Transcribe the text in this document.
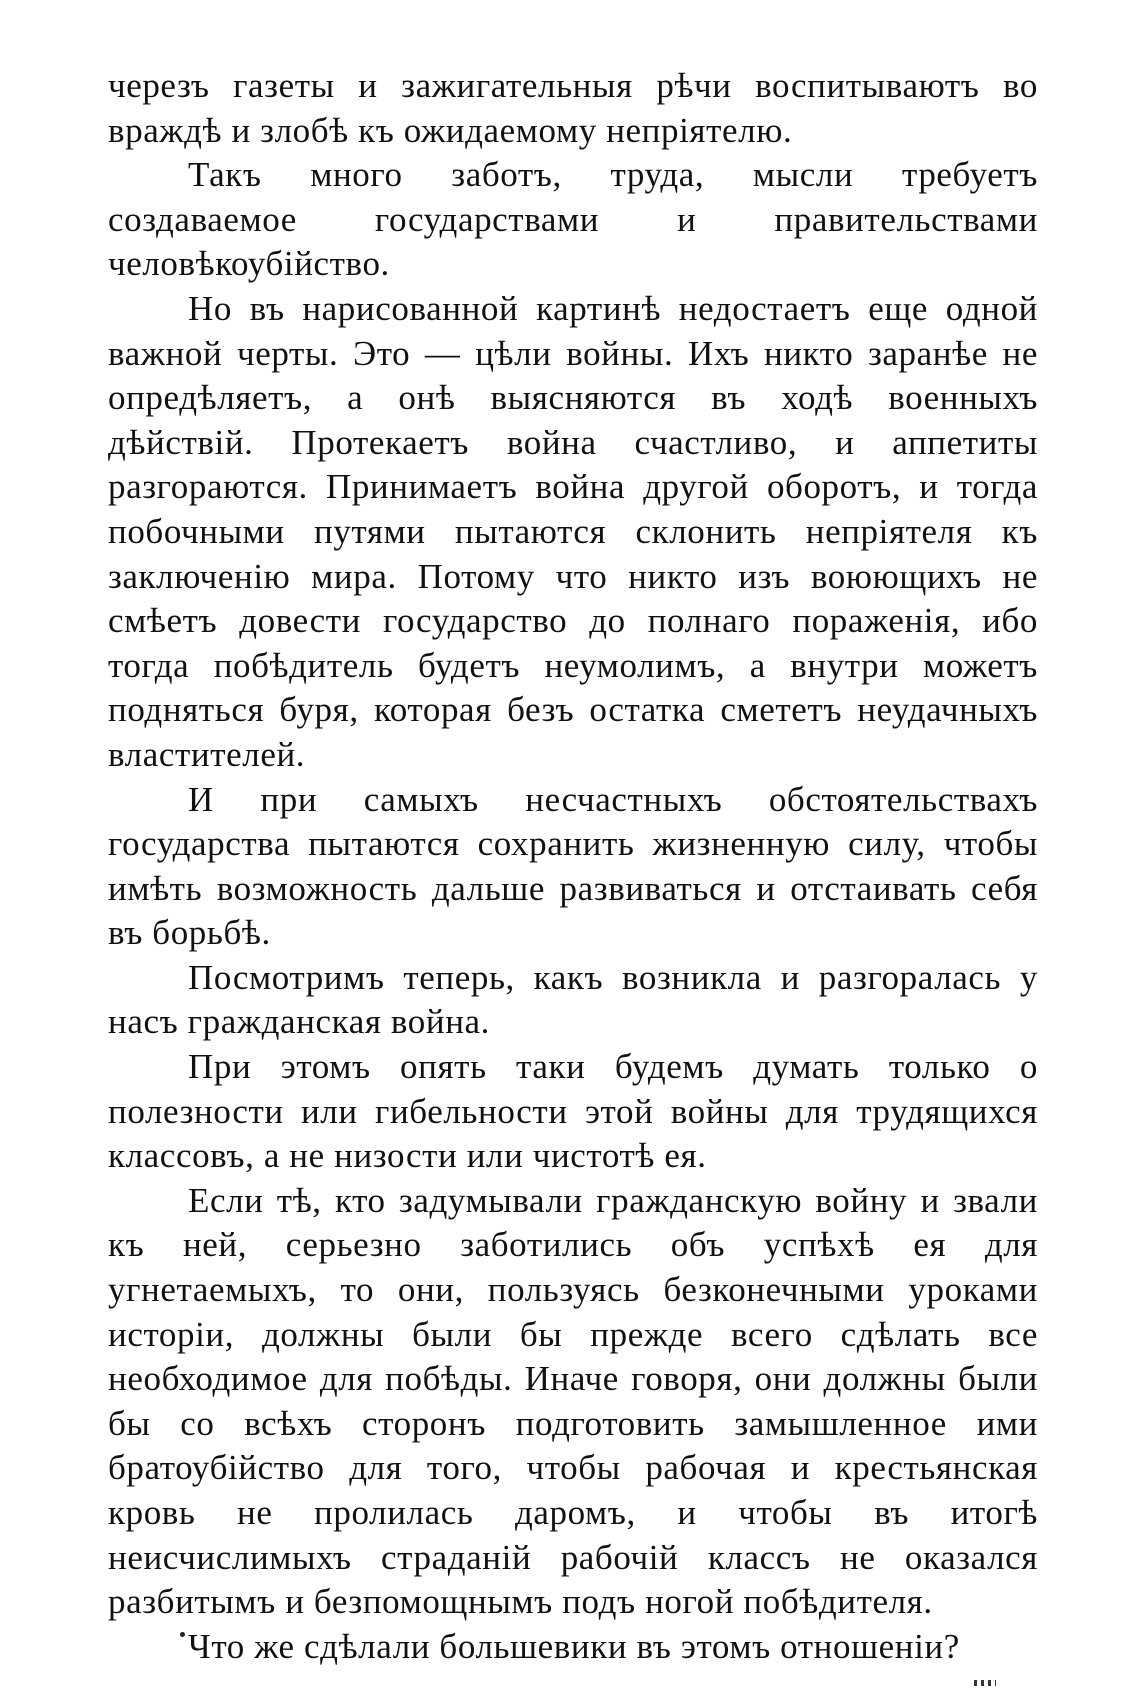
черезъ газеты и зажигательныя рѣчи воспитываютъ во враждѣ и злобѣ къ ожидаемому непріятелю.

Такъ много заботъ, труда, мысли требуетъ создаваемое государствами и правительствами человѣкоубійство.

Но въ нарисованной картинѣ недостаетъ еще одной важной черты. Это — цѣли войны. Ихъ никто заранѣе не опредѣляетъ, а онѣ выясняются въ ходѣ военныхъ дѣйствій. Протекаетъ война счастливо, и аппетиты разгораются. Принимаетъ война другой оборотъ, и тогда побочными путями пытаются склонить непріятеля къ заключенію мира. Потому что никто изъ воюющихъ не смѣетъ довести государство до полнаго пораженія, ибо тогда побѣдитель будетъ неумолимъ, а внутри можетъ подняться буря, которая безъ остатка смететъ неудачныхъ властителей.

И при самыхъ несчастныхъ обстоятельствахъ государства пытаются сохранить жизненную силу, чтобы имѣть возможность дальше развиваться и отстаивать себя въ борьбѣ.

Посмотримъ теперь, какъ возникла и разгоралась у насъ гражданская война.

При этомъ опять таки будемъ думать только о полезности или гибельности этой войны для трудящихся классовъ, а не низости или чистотѣ ея.

Если тѣ, кто задумывали гражданскую войну и звали къ ней, серьезно заботились объ успѣхѣ ея для угнетаемыхъ, то они, пользуясь безконечными уроками исторіи, должны были бы прежде всего сдѣлать все необходимое для побѣды. Иначе говоря, они должны были бы со всѣхъ сторонъ подготовить замышленное ими братоубійство для того, чтобы рабочая и крестьянская кровь не пролилась даромъ, и чтобы въ итогѣ неисчислимыхъ страданій рабочій классъ не оказался разбитымъ и безпомощнымъ подъ ногой побѣдителя.

Что же сдѣлали большевики въ этомъ отношеніи?
